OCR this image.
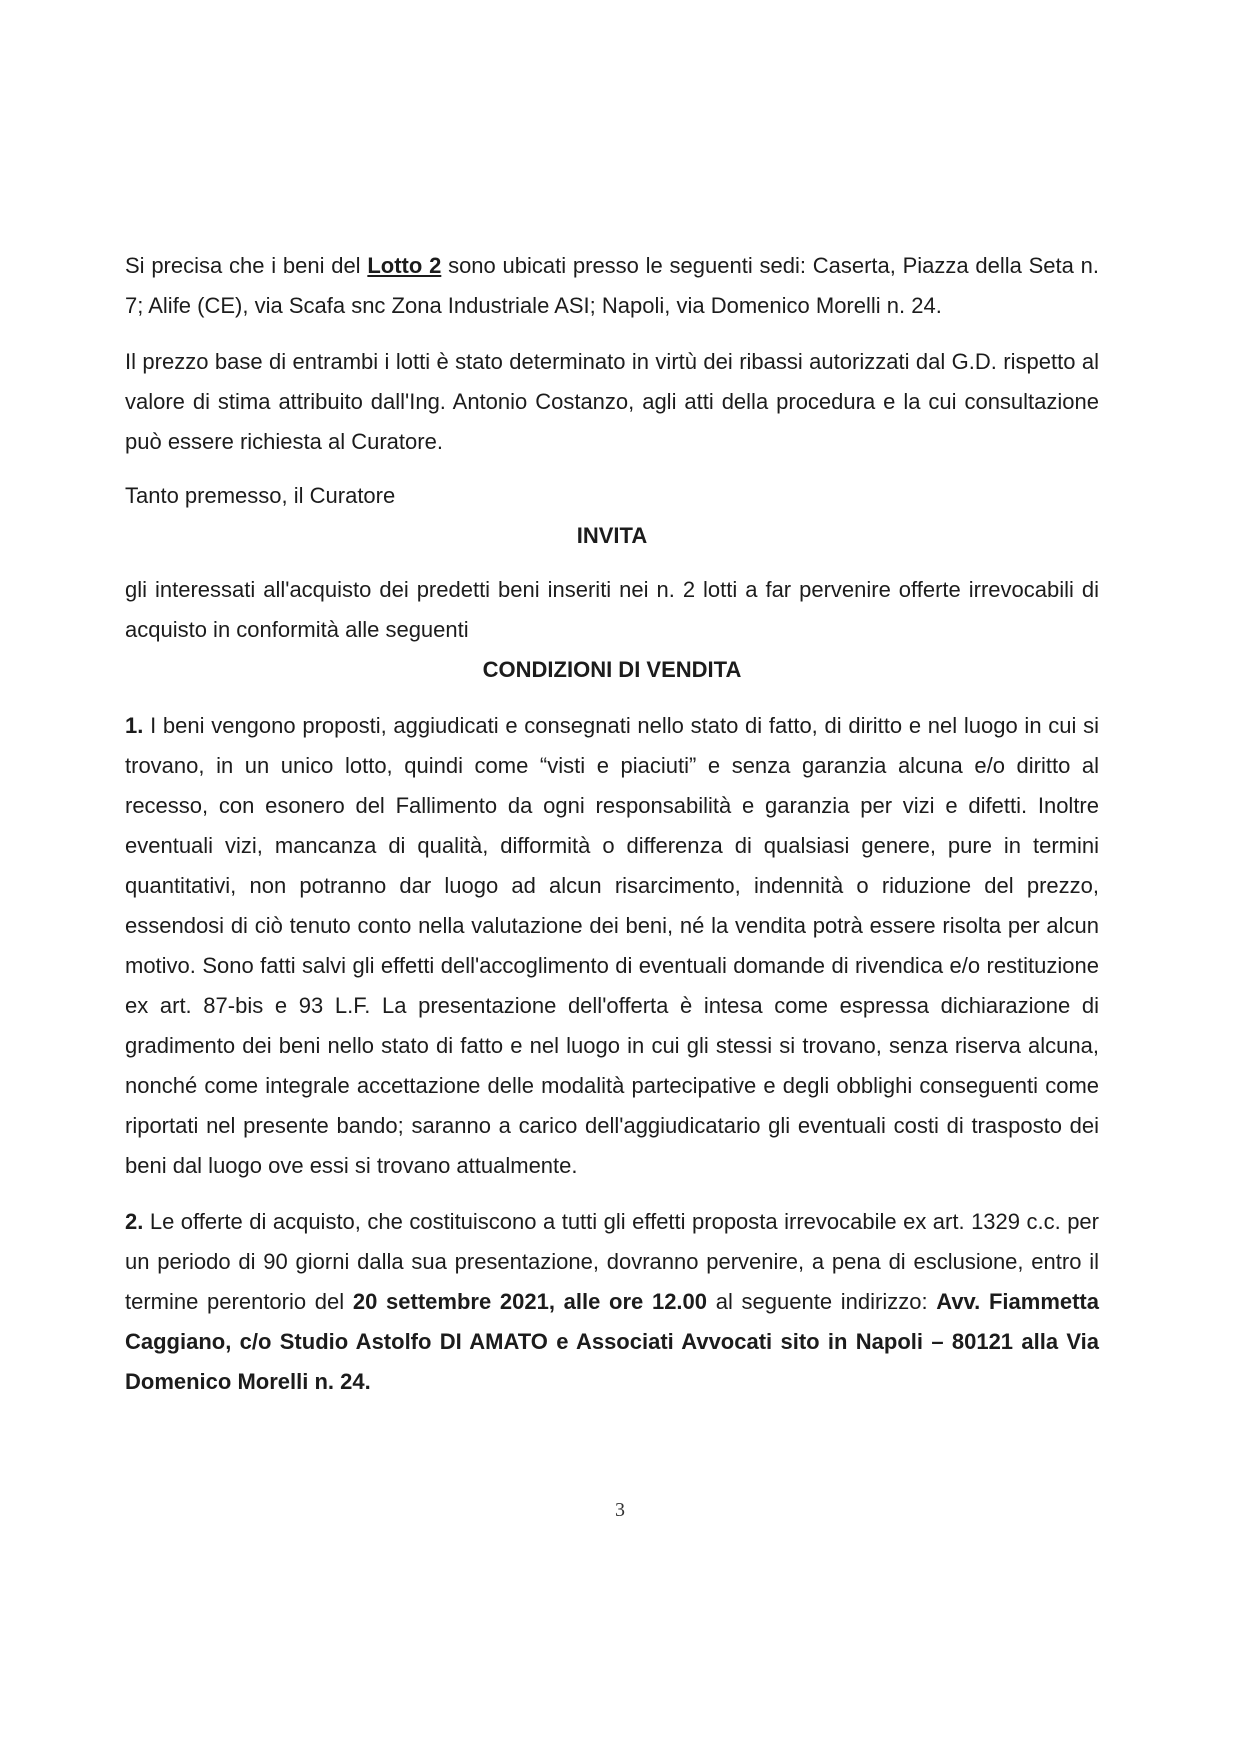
Si precisa che i beni del Lotto 2 sono ubicati presso le seguenti sedi: Caserta, Piazza della Seta n. 7; Alife (CE), via Scafa snc Zona Industriale ASI; Napoli, via Domenico Morelli n. 24.

Il prezzo base di entrambi i lotti è stato determinato in virtù dei ribassi autorizzati dal G.D. rispetto al valore di stima attribuito dall'Ing. Antonio Costanzo, agli atti della procedura e la cui consultazione può essere richiesta al Curatore.

Tanto premesso, il Curatore

INVITA

gli interessati all'acquisto dei predetti beni inseriti nei n. 2 lotti a far pervenire offerte irrevocabili di acquisto in conformità alle seguenti

CONDIZIONI DI VENDITA

1. I beni vengono proposti, aggiudicati e consegnati nello stato di fatto, di diritto e nel luogo in cui si trovano, in un unico lotto, quindi come “visti e piaciuti” e senza garanzia alcuna e/o diritto al recesso, con esonero del Fallimento da ogni responsabilità e garanzia per vizi e difetti. Inoltre eventuali vizi, mancanza di qualità, difformità o differenza di qualsiasi genere, pure in termini quantitativi, non potranno dar luogo ad alcun risarcimento, indennità o riduzione del prezzo, essendosi di ciò tenuto conto nella valutazione dei beni, né la vendita potrà essere risolta per alcun motivo. Sono fatti salvi gli effetti dell'accoglimento di eventuali domande di rivendica e/o restituzione ex art. 87-bis e 93 L.F. La presentazione dell'offerta è intesa come espressa dichiarazione di gradimento dei beni nello stato di fatto e nel luogo in cui gli stessi si trovano, senza riserva alcuna, nonché come integrale accettazione delle modalità partecipative e degli obblighi conseguenti come riportati nel presente bando; saranno a carico dell'aggiudicatario gli eventuali costi di trasposto dei beni dal luogo ove essi si trovano attualmente.

2. Le offerte di acquisto, che costituiscono a tutti gli effetti proposta irrevocabile ex art. 1329 c.c. per un periodo di 90 giorni dalla sua presentazione, dovranno pervenire, a pena di esclusione, entro il termine perentorio del 20 settembre 2021, alle ore 12.00 al seguente indirizzo: Avv. Fiammetta Caggiano, c/o Studio Astolfo DI AMATO e Associati Avvocati sito in Napoli – 80121 alla Via Domenico Morelli n. 24.

3
